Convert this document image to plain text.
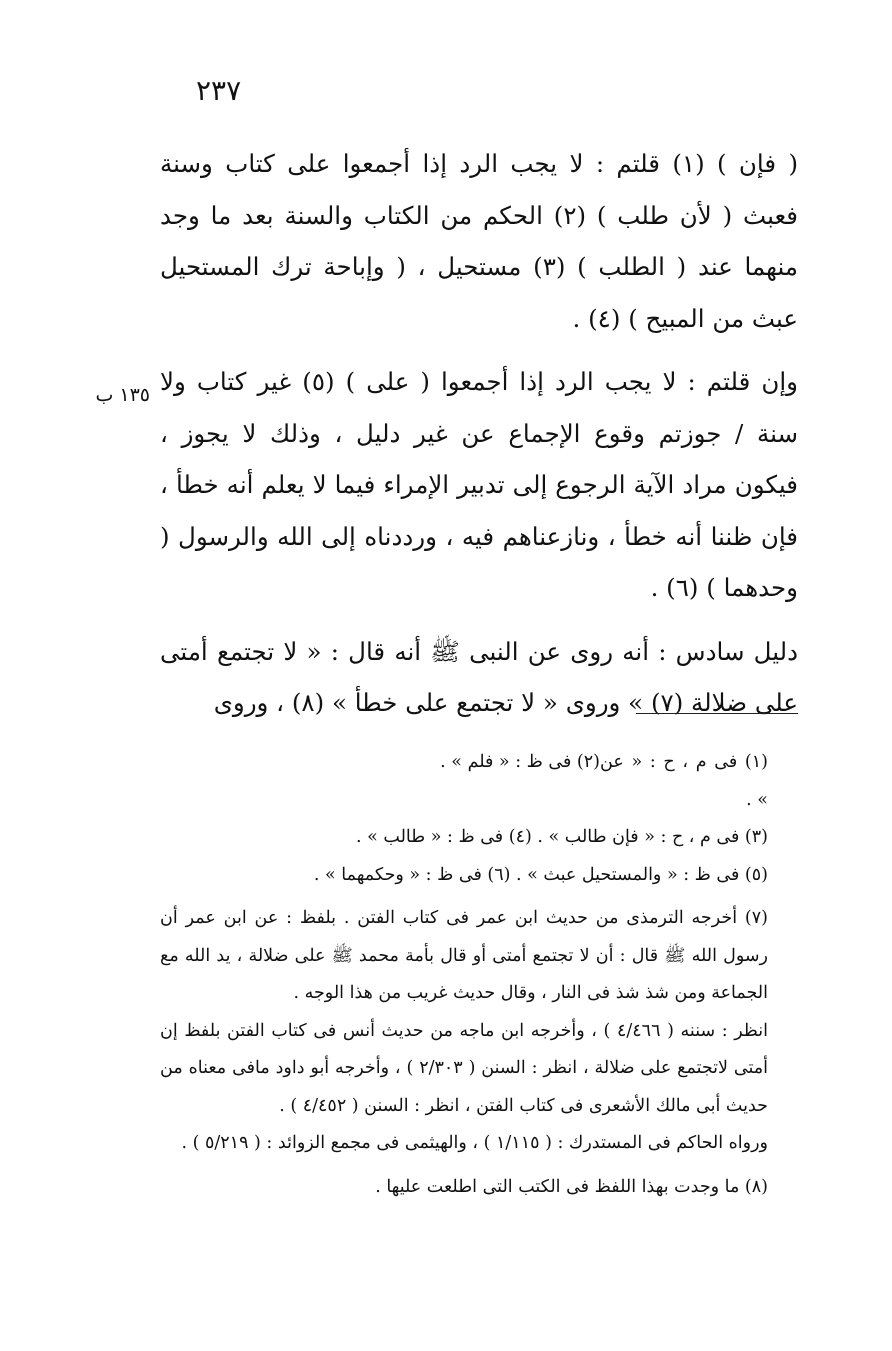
٢٣٧

( فإن ) (١) قلتم : لا يجب الرد إذا أجمعوا على كتاب وسنة فعبث ( لأن طلب ) (٢) الحكم من الكتاب والسنة بعد ما وجد منهما عند ( الطلب ) (٣) مستحيل ، ( وإباحة ترك المستحيل عبث من المبيح ) (٤) .

وإن قلتم : لا يجب الرد إذا أجمعوا ( على ) (٥) غير كتاب ولا سنة / جوزتم وقوع الإجماع عن غير دليل ، وذلك لا يجوز ، فيكون مراد الآية الرجوع إلى تدبير الإمراء فيما لا يعلم أنه خطأ ، فإن ظننا أنه خطأ ، ونازعناهم فيه ، ورددناه إلى الله والرسول ( وحدهما ) (٦) .

دليل سادس : أنه روى عن النبى ﷺ أنه قال : « لا تجتمع أمتى على ضلالة (٧) » وروى « لا تجتمع على خطأ » (٨) ، وروى

١٣٥ ب
(١) فى م ، ح : « عن » .
(٢) فى ظ : « فلم » .

(٣) فى م ، ح : « فإن طالب » . (٤) فى ظ : « طالب » .

(٥) فى ظ : « والمستحيل عبث » . (٦) فى ظ : « وحكمهما » .

(٧) أخرجه الترمذى من حديث ابن عمر فى كتاب الفتن . بلفظ : عن ابن عمر أن رسول الله ﷺ قال : أن لا تجتمع أمتى أو قال بأمة محمد ﷺ على ضلالة ، يد الله مع الجماعة ومن شذ شذ فى النار ، وقال حديث غريب من هذا الوجه .

انظر : سننه ( ٤/٤٦٦ ) ، وأخرجه ابن ماجه من حديث أنس فى كتاب الفتن بلفظ إن أمتى لاتجتمع على ضلالة ، انظر : السنن ( ٢/٣٠٣ ) ، وأخرجه أبو داود مافى معناه من حديث أبى مالك الأشعرى فى كتاب الفتن ، انظر : السنن ( ٤/٤٥٢ ) .

ورواه الحاكم فى المستدرك : ( ١/١١٥ ) ، والهيثمى فى مجمع الزوائد : ( ٥/٢١٩ ) .

(٨) ما وجدت بهذا اللفظ فى الكتب التى اطلعت عليها .
